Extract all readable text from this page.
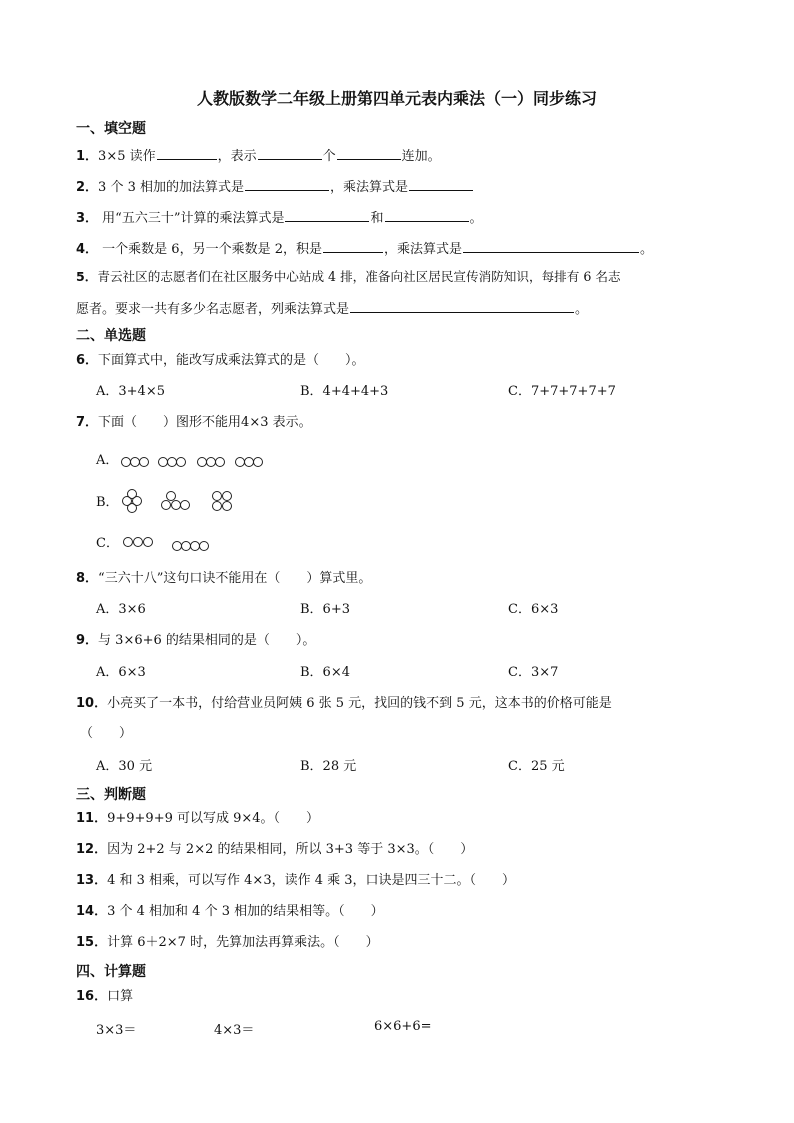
人教版数学二年级上册第四单元表内乘法（一）同步练习
一、填空题
1．3×5 读作	，表示	个	连加。
2．3 个 3 相加的加法算式是	，乘法算式是
3． 用“五六三十”计算的乘法算式是	和	。
4． 一个乘数是 6，另一个乘数是 2，积是	，乘法算式是	。
5．青云社区的志愿者们在社区服务中心站成 4 排，准备向社区居民宣传消防知识，每排有 6 名志
愿者。要求一共有多少名志愿者，列乘法算式是	。
二、单选题
6．下面算式中，能改写成乘法算式的是（　　）。
A．3+4×5	B．4+4+4+3	C．7+7+7+7+7
7．下面（　　）图形不能用4×3 表示。
A．
B．
C．
8．“三六十八”这句口诀不能用在（　　）算式里。
A．3×6	B．6+3	C．6×3
9．与 3×6+6 的结果相同的是（　　）。
A．6×3	B．6×4	C．3×7
10．小亮买了一本书，付给营业员阿姨 6 张 5 元，找回的钱不到 5 元，这本书的价格可能是
（　　）
A．30 元	B．28 元	C．25 元
三、判断题
11．9+9+9+9 可以写成 9×4。（　　）
12．因为 2+2 与 2×2 的结果相同，所以 3+3 等于 3×3。（　　）
13．4 和 3 相乘，可以写作 4×3，读作 4 乘 3，口诀是四三十二。（　　）
14．3 个 4 相加和 4 个 3 相加的结果相等。（　　）
15．计算 6＋2×7 时，先算加法再算乘法。（　　）
四、计算题
16．口算
3×3＝	4×3＝	6×6+6=
